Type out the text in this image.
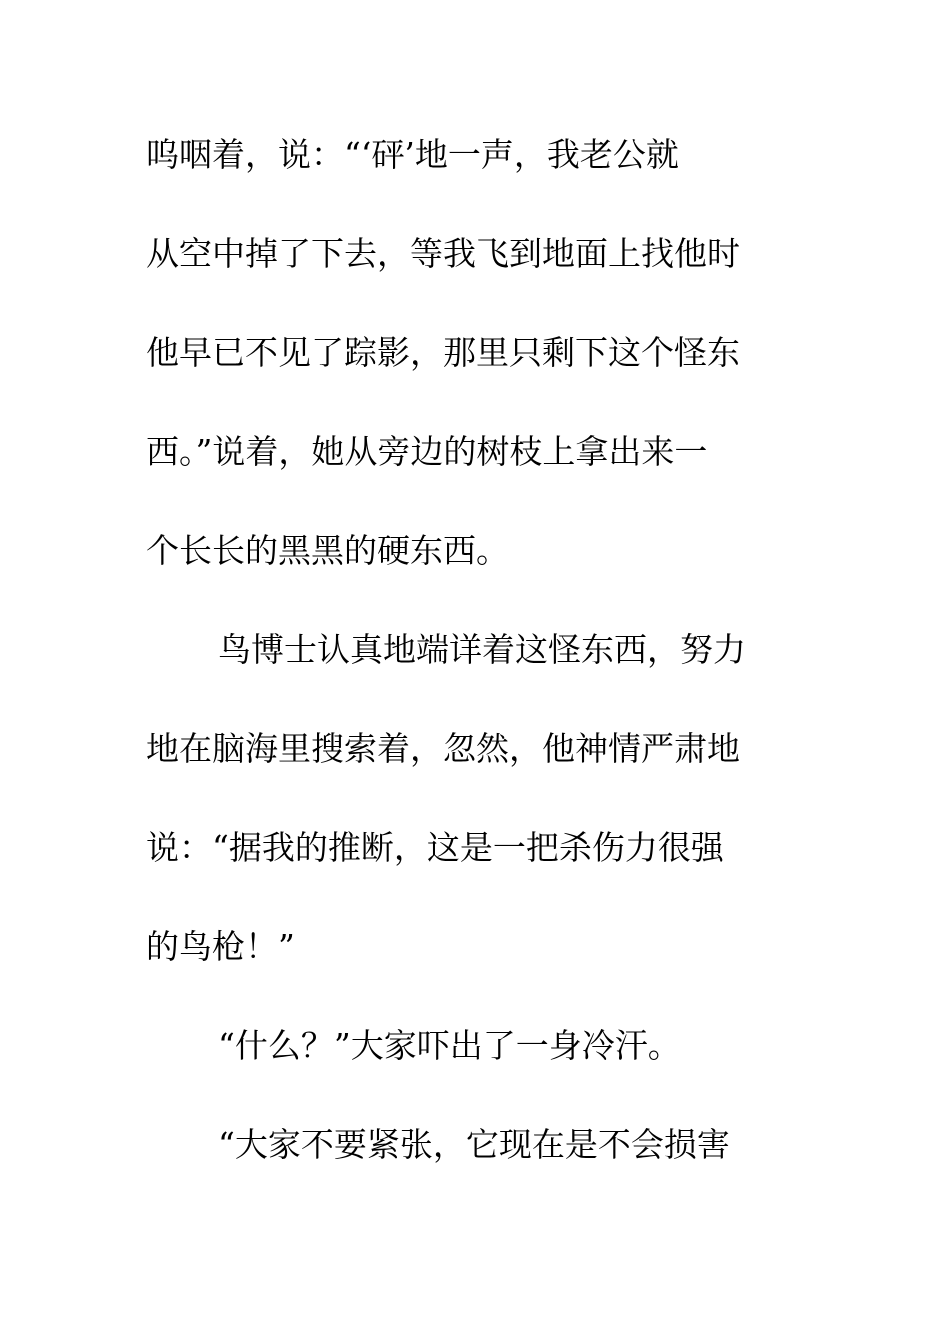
呜咽着，说：“‘砰’地一声，我老公就
从空中掉了下去，等我飞到地面上找他时
他早已不见了踪影，那里只剩下这个怪东
西。”说着，她从旁边的树枝上拿出来一
个长长的黑黑的硬东西。
鸟博士认真地端详着这怪东西，努力
地在脑海里搜索着，忽然，他神情严肃地
说：“据我的推断，这是一把杀伤力很强
的鸟枪！”
“什么？”大家吓出了一身冷汗。
“大家不要紧张，它现在是不会损害
